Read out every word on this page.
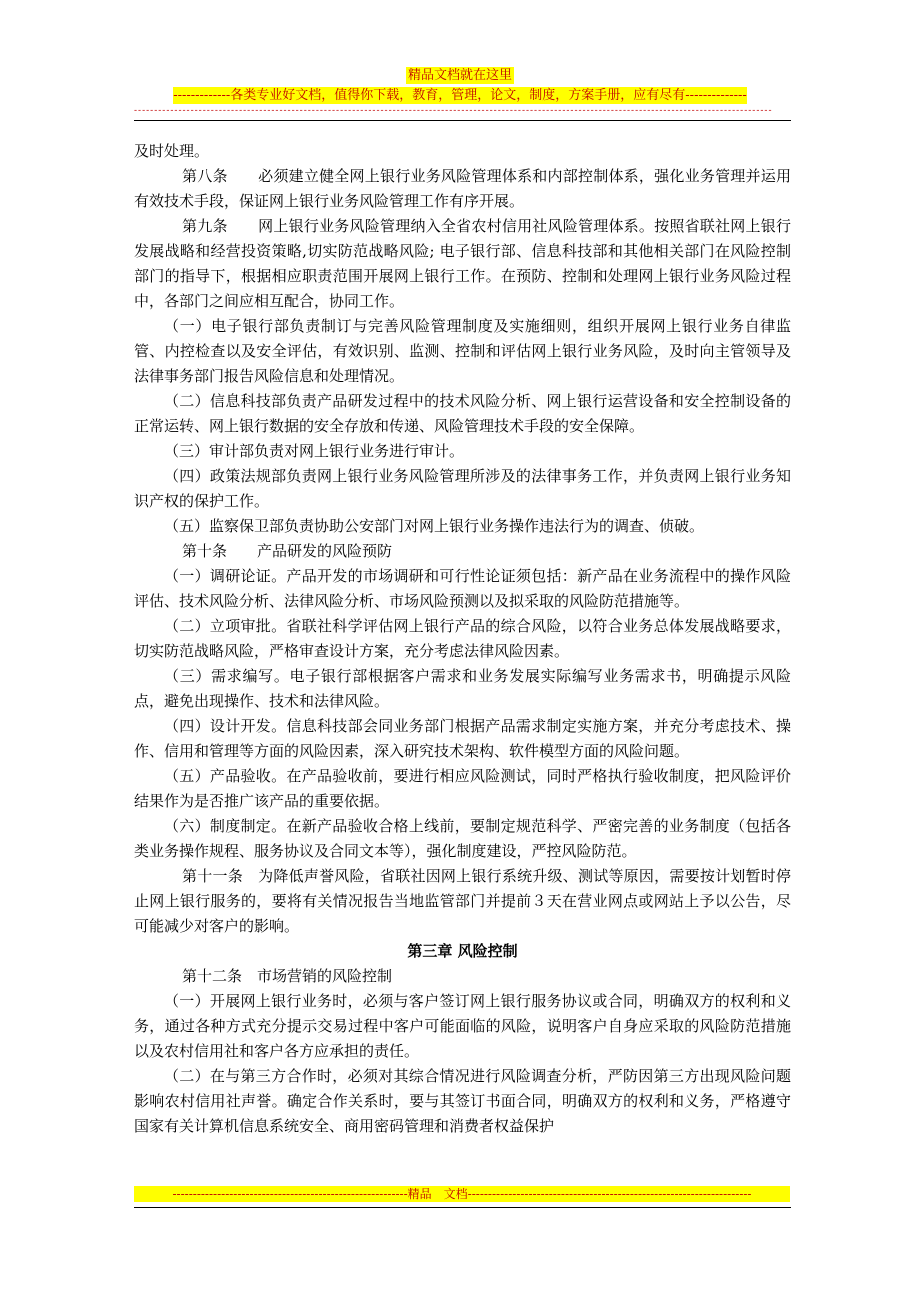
精品文档就在这里
-------------各类专业好文档，值得你下载，教育，管理，论文，制度，方案手册，应有尽有--------------
--------------------------------------------------------------------------------------------------------------------------------------------------------------

及时处理。

第八条　　必须建立健全网上银行业务风险管理体系和内部控制体系，强化业务管理并运用有效技术手段，保证网上银行业务风险管理工作有序开展。

第九条　　网上银行业务风险管理纳入全省农村信用社风险管理体系。按照省联社网上银行发展战略和经营投资策略,切实防范战略风险; 电子银行部、信息科技部和其他相关部门在风险控制部门的指导下，根据相应职责范围开展网上银行工作。在预防、控制和处理网上银行业务风险过程中，各部门之间应相互配合，协同工作。

（一）电子银行部负责制订与完善风险管理制度及实施细则，组织开展网上银行业务自律监管、内控检查以及安全评估，有效识别、监测、控制和评估网上银行业务风险，及时向主管领导及法律事务部门报告风险信息和处理情况。

（二）信息科技部负责产品研发过程中的技术风险分析、网上银行运营设备和安全控制设备的正常运转、网上银行数据的安全存放和传递、风险管理技术手段的安全保障。

（三）审计部负责对网上银行业务进行审计。

（四）政策法规部负责网上银行业务风险管理所涉及的法律事务工作，并负责网上银行业务知识产权的保护工作。

（五）监察保卫部负责协助公安部门对网上银行业务操作违法行为的调查、侦破。

第十条　　产品研发的风险预防

（一）调研论证。产品开发的市场调研和可行性论证须包括：新产品在业务流程中的操作风险评估、技术风险分析、法律风险分析、市场风险预测以及拟采取的风险防范措施等。

（二）立项审批。省联社科学评估网上银行产品的综合风险，以符合业务总体发展战略要求，切实防范战略风险，严格审查设计方案，充分考虑法律风险因素。

（三）需求编写。电子银行部根据客户需求和业务发展实际编写业务需求书，明确提示风险点，避免出现操作、技术和法律风险。

（四）设计开发。信息科技部会同业务部门根据产品需求制定实施方案，并充分考虑技术、操作、信用和管理等方面的风险因素，深入研究技术架构、软件模型方面的风险问题。

（五）产品验收。在产品验收前，要进行相应风险测试，同时严格执行验收制度，把风险评价结果作为是否推广该产品的重要依据。

（六）制度制定。在新产品验收合格上线前，要制定规范科学、严密完善的业务制度（包括各类业务操作规程、服务协议及合同文本等），强化制度建设，严控风险防范。

第十一条　为降低声誉风险，省联社因网上银行系统升级、测试等原因，需要按计划暂时停止网上银行服务的，要将有关情况报告当地监管部门并提前３天在营业网点或网站上予以公告，尽可能减少对客户的影响。

第三章 风险控制

第十二条　市场营销的风险控制

（一）开展网上银行业务时，必须与客户签订网上银行服务协议或合同，明确双方的权利和义务，通过各种方式充分提示交易过程中客户可能面临的风险，说明客户自身应采取的风险防范措施以及农村信用社和客户各方应承担的责任。

（二）在与第三方合作时，必须对其综合情况进行风险调查分析，严防因第三方出现风险问题影响农村信用社声誉。确定合作关系时，要与其签订书面合同，明确双方的权利和义务，严格遵守国家有关计算机信息系统安全、商用密码管理和消费者权益保护

----------------------------------------------------------精品　文档----------------------------------------------------------------------
